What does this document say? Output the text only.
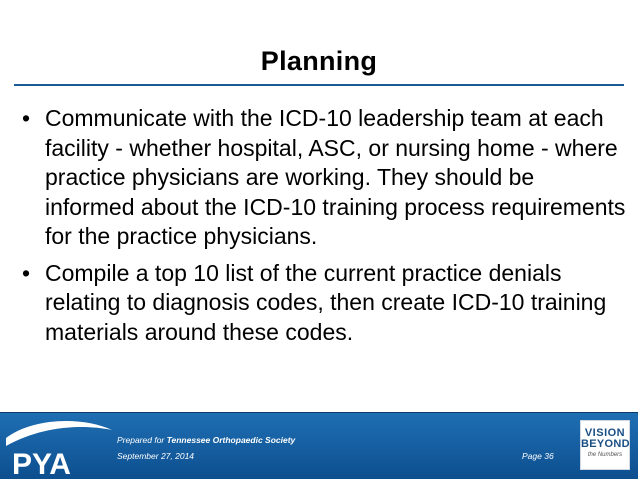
Planning
• Communicate with the ICD-10 leadership team at each facility - whether hospital, ASC, or nursing home - where practice physicians are working. They should be informed about the ICD-10 training process requirements for the practice physicians.
• Compile a top 10 list of the current practice denials relating to diagnosis codes, then create ICD-10 training materials around these codes.
PYA
Prepared for Tennessee Orthopaedic Society
September 27, 2014	Page 36
VISION
BEYOND
the Numbers
